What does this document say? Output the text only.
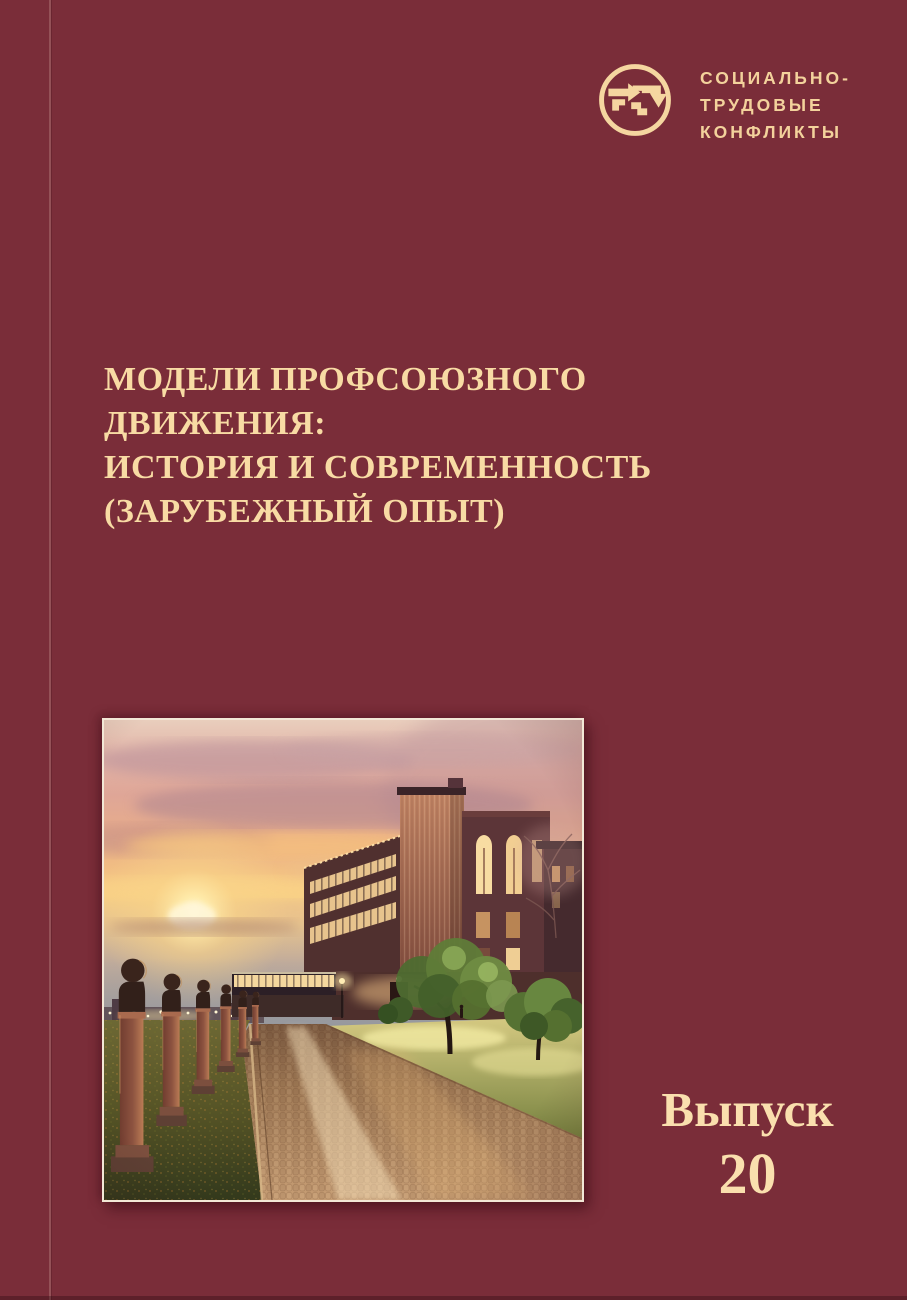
СОЦИАЛЬНО-
ТРУДОВЫЕ
КОНФЛИКТЫ
МОДЕЛИ ПРОФСОЮЗНОГО ДВИЖЕНИЯ:
ИСТОРИЯ И СОВРЕМЕННОСТЬ
(ЗАРУБЕЖНЫЙ ОПЫТ)
Выпуск
20
